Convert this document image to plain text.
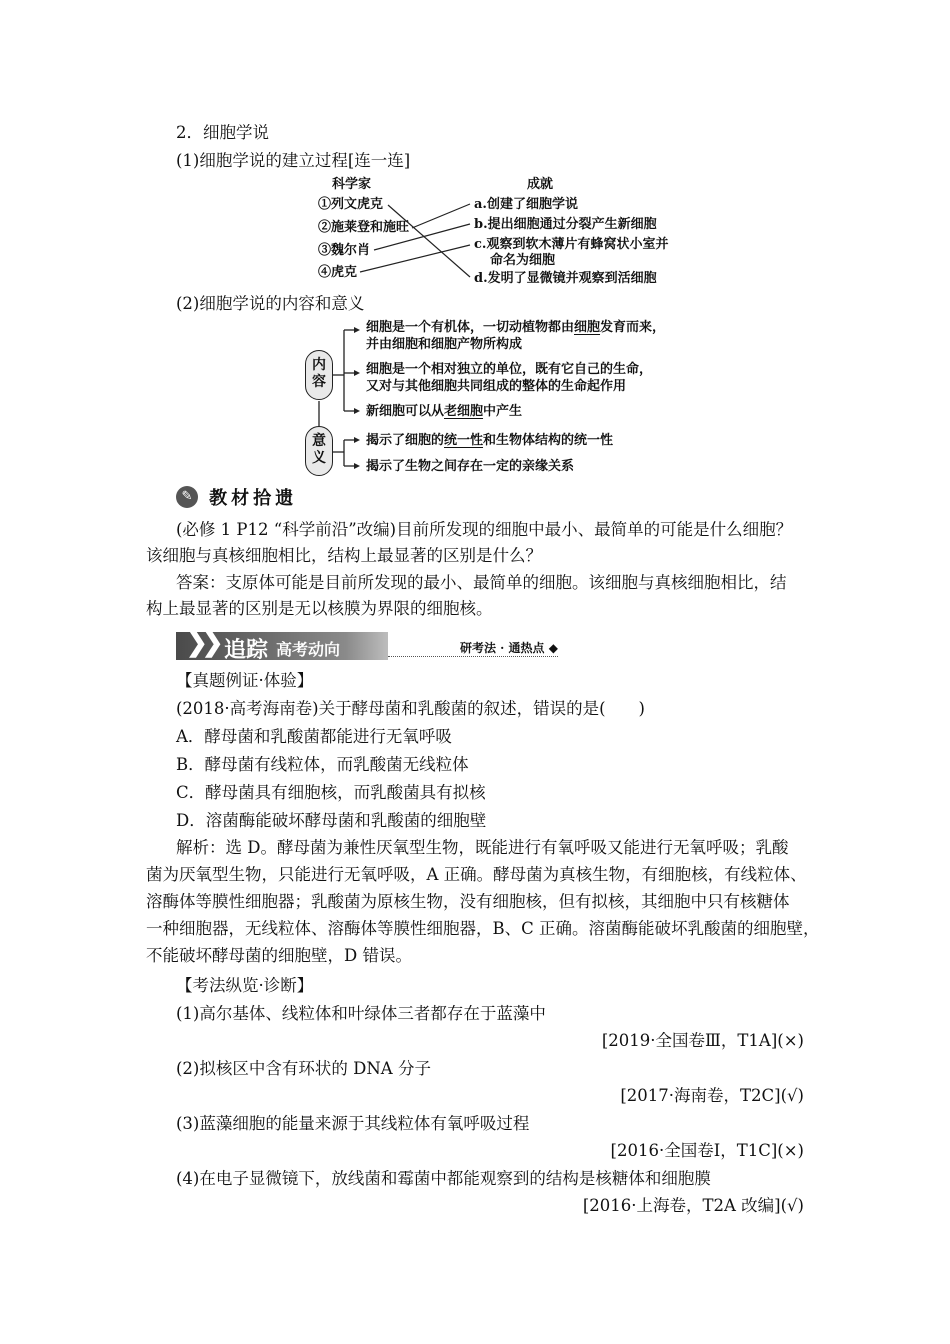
2．细胞学说
(1)细胞学说的建立过程[连一连]
科学家	成就
①列文虎克
②施莱登和施旺
③魏尔肖
④虎克
a.创建了细胞学说
b.提出细胞通过分裂产生新细胞
c.观察到软木薄片有蜂窝状小室并
命名为细胞
d.发明了显微镜并观察到活细胞
(2)细胞学说的内容和意义
内
容
意
义
细胞是一个有机体，一切动植物都由细胞发育而来，
✎ 教材拾遗
(必修 1 P12 “科学前沿”改编)目前所发现的细胞中最小、最简单的可能是什么细胞？
该细胞与真核细胞相比，结构上最显著的区别是什么？
答案：支原体可能是目前所发现的最小、最简单的细胞。该细胞与真核细胞相比，结
构上最显著的区别是无以核膜为界限的细胞核。
❯❯ 追踪 高考动向	研考法 · 通热点 ◆
【真题例证·体验】
(2018·高考海南卷)关于酵母菌和乳酸菌的叙述，错误的是(　　)
A．酵母菌和乳酸菌都能进行无氧呼吸
B．酵母菌有线粒体，而乳酸菌无线粒体
C．酵母菌具有细胞核，而乳酸菌具有拟核
D．溶菌酶能破坏酵母菌和乳酸菌的细胞壁
解析：选 D。酵母菌为兼性厌氧型生物，既能进行有氧呼吸又能进行无氧呼吸；乳酸
菌为厌氧型生物，只能进行无氧呼吸，A 正确。酵母菌为真核生物，有细胞核，有线粒体、
溶酶体等膜性细胞器；乳酸菌为原核生物，没有细胞核，但有拟核，其细胞中只有核糖体
一种细胞器，无线粒体、溶酶体等膜性细胞器，B、C 正确。溶菌酶能破坏乳酸菌的细胞壁，
不能破坏酵母菌的细胞壁，D 错误。
【考法纵览·诊断】
(1)高尔基体、线粒体和叶绿体三者都存在于蓝藻中
[2019·全国卷Ⅲ，T1A](×)
(2)拟核区中含有环状的 DNA 分子
[2017·海南卷，T2C](√)
(3)蓝藻细胞的能量来源于其线粒体有氧呼吸过程
[2016·全国卷Ⅰ，T1C](×)
(4)在电子显微镜下，放线菌和霉菌中都能观察到的结构是核糖体和细胞膜
[2016·上海卷，T2A 改编](√)
并由细胞和细胞产物所构成
细胞是一个相对独立的单位，既有它自己的生命，
又对与其他细胞共同组成的整体的生命起作用
新细胞可以从老细胞中产生
揭示了细胞的统一性和生物体结构的统一性
揭示了生物之间存在一定的亲缘关系
